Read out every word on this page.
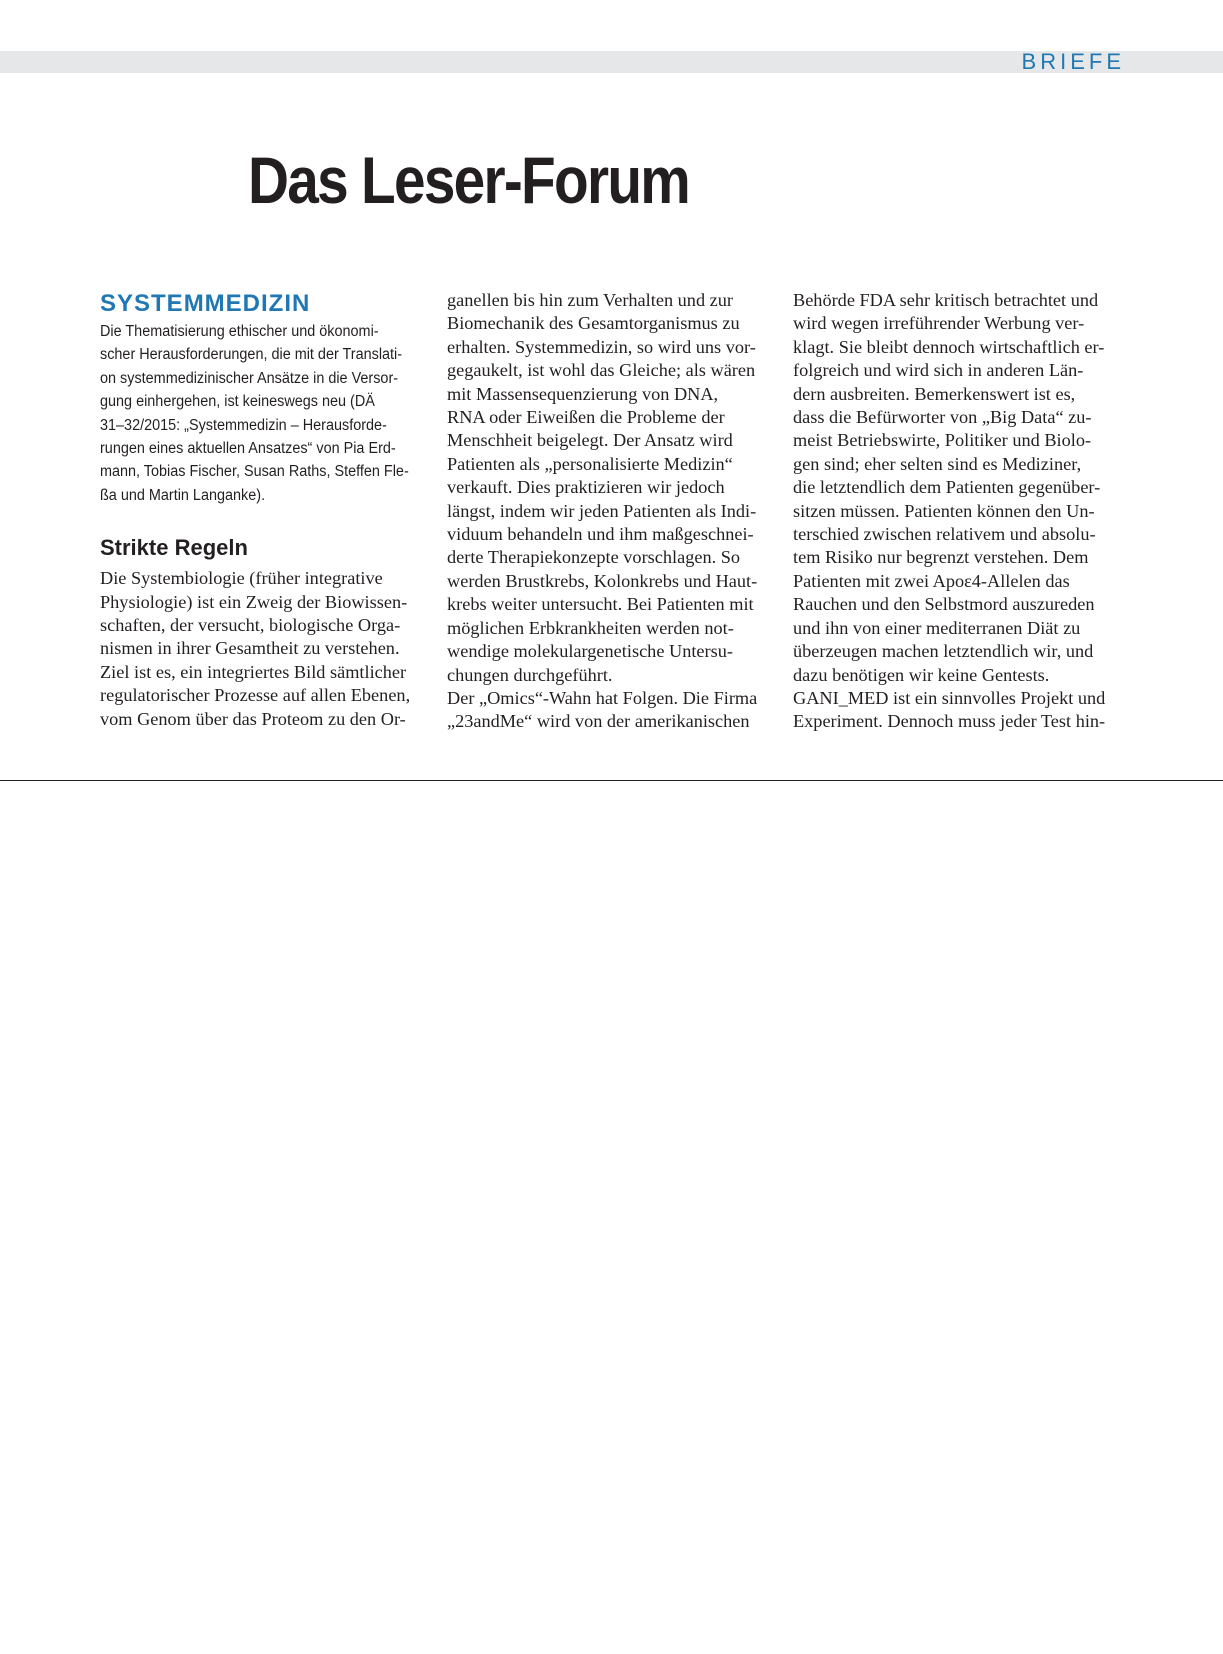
BRIEFE
Das Leser-Forum
SYSTEMMEDIZIN
Die Thematisierung ethischer und ökonomi-
scher Herausforderungen, die mit der Translati-
on systemmedizinischer Ansätze in die Versor-
gung einhergehen, ist keineswegs neu (DÄ
31–32/2015: „Systemmedizin – Herausforde-
rungen eines aktuellen Ansatzes“ von Pia Erd-
mann, Tobias Fischer, Susan Raths, Steffen Fle-
ßa und Martin Langanke).
Strikte Regeln
Die Systembiologie (früher integrative
Physiologie) ist ein Zweig der Biowissen-
schaften, der versucht, biologische Orga-
nismen in ihrer Gesamtheit zu verstehen.
Ziel ist es, ein integriertes Bild sämtlicher
regulatorischer Prozesse auf allen Ebenen,
vom Genom über das Proteom zu den Or-
ganellen bis hin zum Verhalten und zur
Biomechanik des Gesamtorganismus zu
erhalten. Systemmedizin, so wird uns vor-
gegaukelt, ist wohl das Gleiche; als wären
mit Massensequenzierung von DNA,
RNA oder Eiweißen die Probleme der
Menschheit beigelegt. Der Ansatz wird
Patienten als „personalisierte Medizin“
verkauft. Dies praktizieren wir jedoch
längst, indem wir jeden Patienten als Indi-
viduum behandeln und ihm maßgeschnei-
derte Therapiekonzepte vorschlagen. So
werden Brustkrebs, Kolonkrebs und Haut-
krebs weiter untersucht. Bei Patienten mit
möglichen Erbkrankheiten werden not-
wendige molekulargenetische Untersu-
chungen durchgeführt.
Der „Omics“-Wahn hat Folgen. Die Firma
„23andMe“ wird von der amerikanischen
Behörde FDA sehr kritisch betrachtet und
wird wegen irreführender Werbung ver-
klagt. Sie bleibt dennoch wirtschaftlich er-
folgreich und wird sich in anderen Län-
dern ausbreiten. Bemerkenswert ist es,
dass die Befürworter von „Big Data“ zu-
meist Betriebswirte, Politiker und Biolo-
gen sind; eher selten sind es Mediziner,
die letztendlich dem Patienten gegenüber-
sitzen müssen. Patienten können den Un-
terschied zwischen relativem und absolu-
tem Risiko nur begrenzt verstehen. Dem
Patienten mit zwei Apoε4-Allelen das
Rauchen und den Selbstmord auszureden
und ihn von einer mediterranen Diät zu
überzeugen machen letztendlich wir, und
dazu benötigen wir keine Gentests.
GANI_MED ist ein sinnvolles Projekt und
Experiment. Dennoch muss jeder Test hin-
